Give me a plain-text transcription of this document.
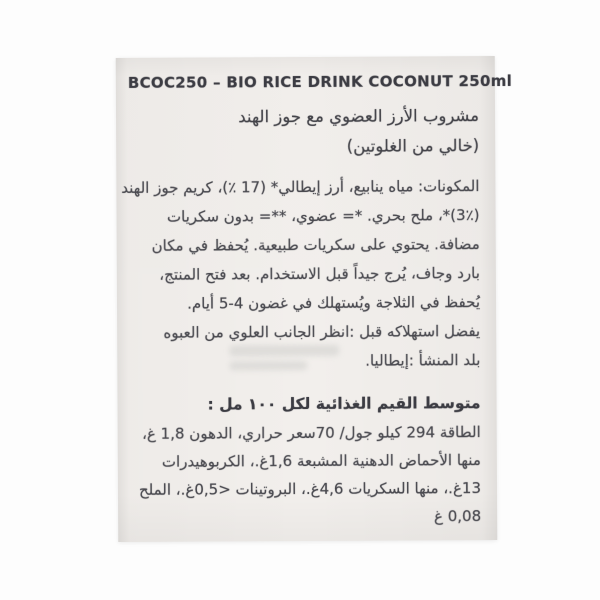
BCOC250 – BIO RICE DRINK COCONUT 250ml
مشروب الأرز العضوي مع جوز الهند
(خالي من الغلوتين)
المكونات: مياه ينابيع، أرز إيطالي* (17 ٪)، كريم جوز الهند
(3٪)*، ملح بحري. *= عضوي، **= بدون سكريات
مضافة. يحتوي على سكريات طبيعية. يُحفظ في مكان
بارد وجاف، يُرج جيداً قبل الاستخدام. بعد فتح المنتج،
يُحفظ في الثلاجة ويُستهلك في غضون 4-5 أيام.
يفضل استهلاكه قبل :انظر الجانب العلوي من العبوه
بلد المنشأ :إيطاليا.
متوسط القيم الغذائية لكل ١٠٠ مل :
الطاقة 294 كيلو جول/ 70سعر حراري، الدهون 1,8 غ،
منها الأحماض الدهنية المشبعة 1,6غ.، الكربوهيدرات
13غ.، منها السكريات 4,6غ.، البروتينات <0,5غ.، الملح
0,08 غ
